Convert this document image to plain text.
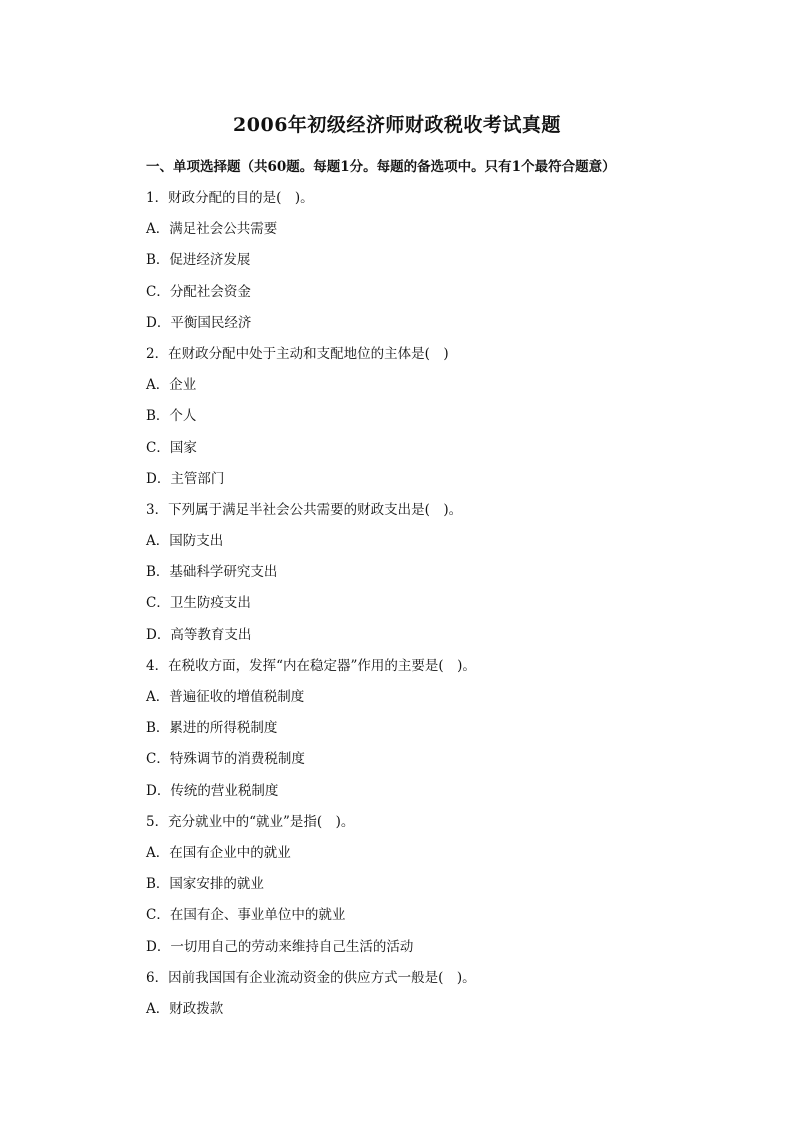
2006年初级经济师财政税收考试真题
一、单项选择题（共60题。每题1分。每题的备选项中。只有1个最符合题意）
1．财政分配的目的是(　)。
A．满足社会公共需要
B．促进经济发展
C．分配社会资金
D．平衡国民经济
2．在财政分配中处于主动和支配地位的主体是(　)
A．企业
B．个人
C．国家
D．主管部门
3．下列属于满足半社会公共需要的财政支出是(　)。
A．国防支出
B．基础科学研究支出
C．卫生防疫支出
D．高等教育支出
4．在税收方面，发挥“内在稳定器”作用的主要是(　)。
A．普遍征收的增值税制度
B．累进的所得税制度
C．特殊调节的消费税制度
D．传统的营业税制度
5．充分就业中的“就业”是指(　)。
A．在国有企业中的就业
B．国家安排的就业
C．在国有企、事业单位中的就业
D．一切用自己的劳动来维持自己生活的活动
6．因前我国国有企业流动资金的供应方式一般是(　)。
A．财政拨款
